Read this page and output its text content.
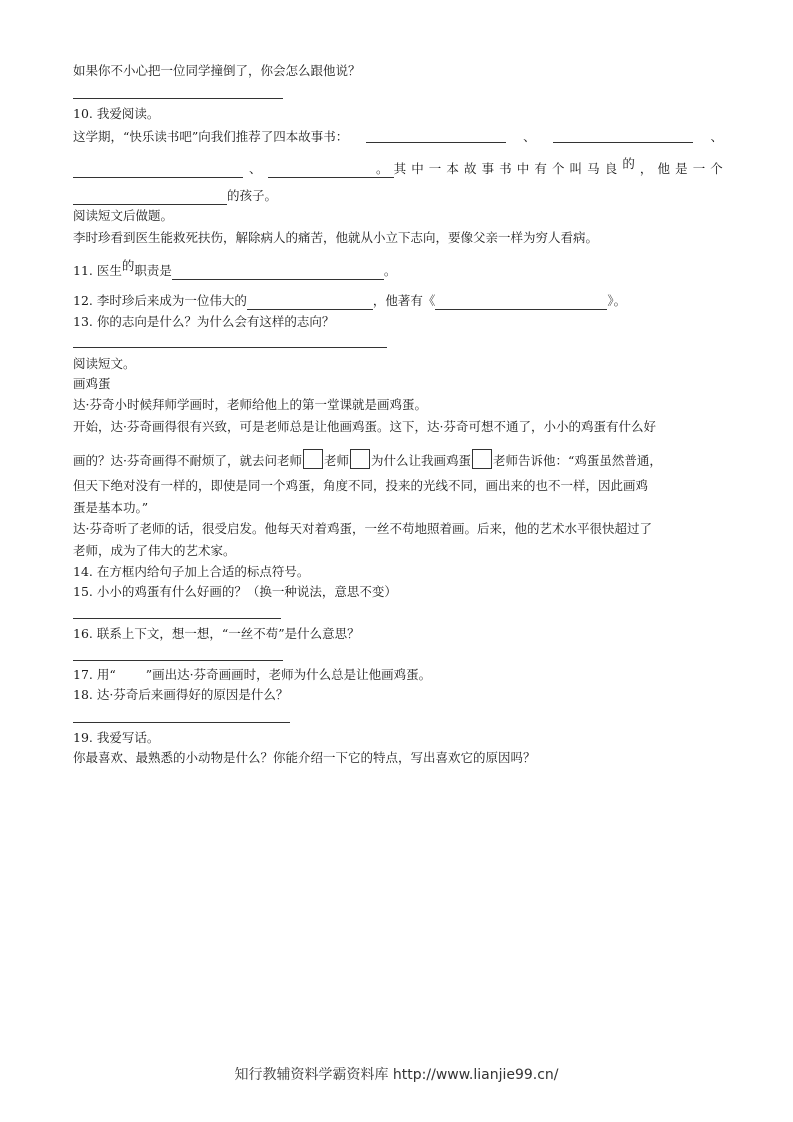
如果你不小心把一位同学撞倒了，你会怎么跟他说？
10. 我爱阅读。
这学期，“快乐读书吧”向我们推荐了四本故事书：	、	、
、	。 其 中 一 本 故 事 书 中 有 个 叫 马 良 的 ， 他 是 一 个
的孩子。
阅读短文后做题。
李时珍看到医生能救死扶伤，解除病人的痛苦，他就从小立下志向，要像父亲一样为穷人看病。
11. 医生的职责是	。
12. 李时珍后来成为一位伟大的	，他著有《	》。
13. 你的志向是什么？为什么会有这样的志向？
阅读短文。
画鸡蛋
达·芬奇小时候拜师学画时，老师给他上的第一堂课就是画鸡蛋。
开始，达·芬奇画得很有兴致，可是老师总是让他画鸡蛋。这下，达·芬奇可想不通了，小小的鸡蛋有什么好
画的？达·芬奇画得不耐烦了，就去问老师 老师 为什么让我画鸡蛋 老师告诉他：“鸡蛋虽然普通，
但天下绝对没有一样的，即使是同一个鸡蛋，角度不同，投来的光线不同，画出来的也不一样，因此画鸡
蛋是基本功。”
达·芬奇听了老师的话，很受启发。他每天对着鸡蛋，一丝不苟地照着画。后来，他的艺术水平很快超过了
老师，成为了伟大的艺术家。
14. 在方框内给句子加上合适的标点符号。
15. 小小的鸡蛋有什么好画的？（换一种说法，意思不变）
16. 联系上下文，想一想，“一丝不苟”是什么意思？
17. 用“ ”画出达·芬奇画画时，老师为什么总是让他画鸡蛋。
18. 达·芬奇后来画得好的原因是什么？
19. 我爱写话。
你最喜欢、最熟悉的小动物是什么？你能介绍一下它的特点，写出喜欢它的原因吗？
知行教辅资料学霸资料库 http://www.lianjie99.cn/
